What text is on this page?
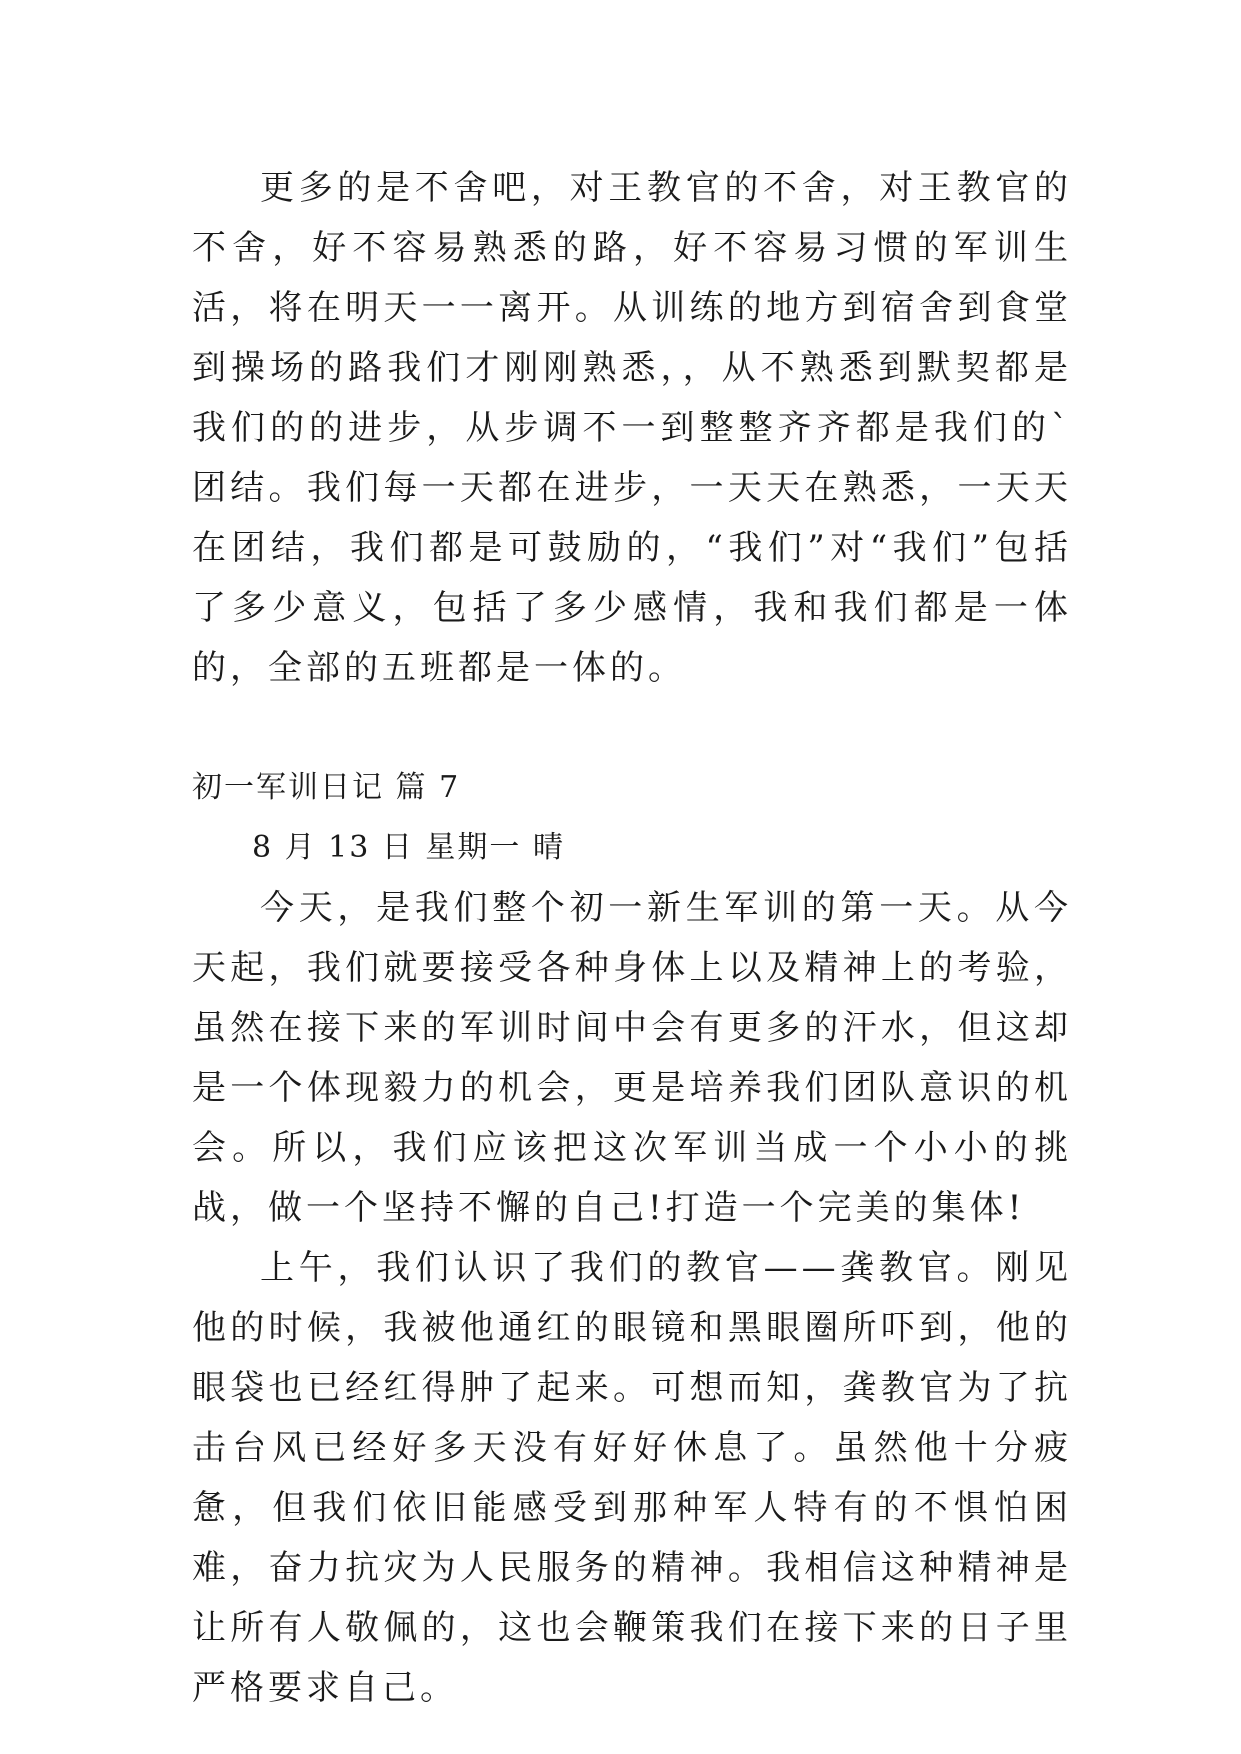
更多的是不舍吧，对王教官的不舍，对王教官的不舍，好不容易熟悉的路，好不容易习惯的军训生活，将在明天一一离开。从训练的地方到宿舍到食堂到操场的路我们才刚刚熟悉，，从不熟悉到默契都是我们的的进步，从步调不一到整整齐齐都是我们的`团结。我们每一天都在进步，一天天在熟悉，一天天在团结，我们都是可鼓励的，“我们”对“我们”包括了多少意义，包括了多少感情，我和我们都是一体的，全部的五班都是一体的。

初一军训日记 篇 7

8 月 13 日 星期一 晴

今天，是我们整个初一新生军训的第一天。从今天起，我们就要接受各种身体上以及精神上的考验，虽然在接下来的军训时间中会有更多的汗水，但这却是一个体现毅力的机会，更是培养我们团队意识的机会。所以，我们应该把这次军训当成一个小小的挑战，做一个坚持不懈的自己!打造一个完美的集体!

上午，我们认识了我们的教官——龚教官。刚见他的时候，我被他通红的眼镜和黑眼圈所吓到，他的眼袋也已经红得肿了起来。可想而知，龚教官为了抗击台风已经好多天没有好好休息了。虽然他十分疲惫，但我们依旧能感受到那种军人特有的不惧怕困难，奋力抗灾为人民服务的精神。我相信这种精神是让所有人敬佩的，这也会鞭策我们在接下来的日子里严格要求自己。
